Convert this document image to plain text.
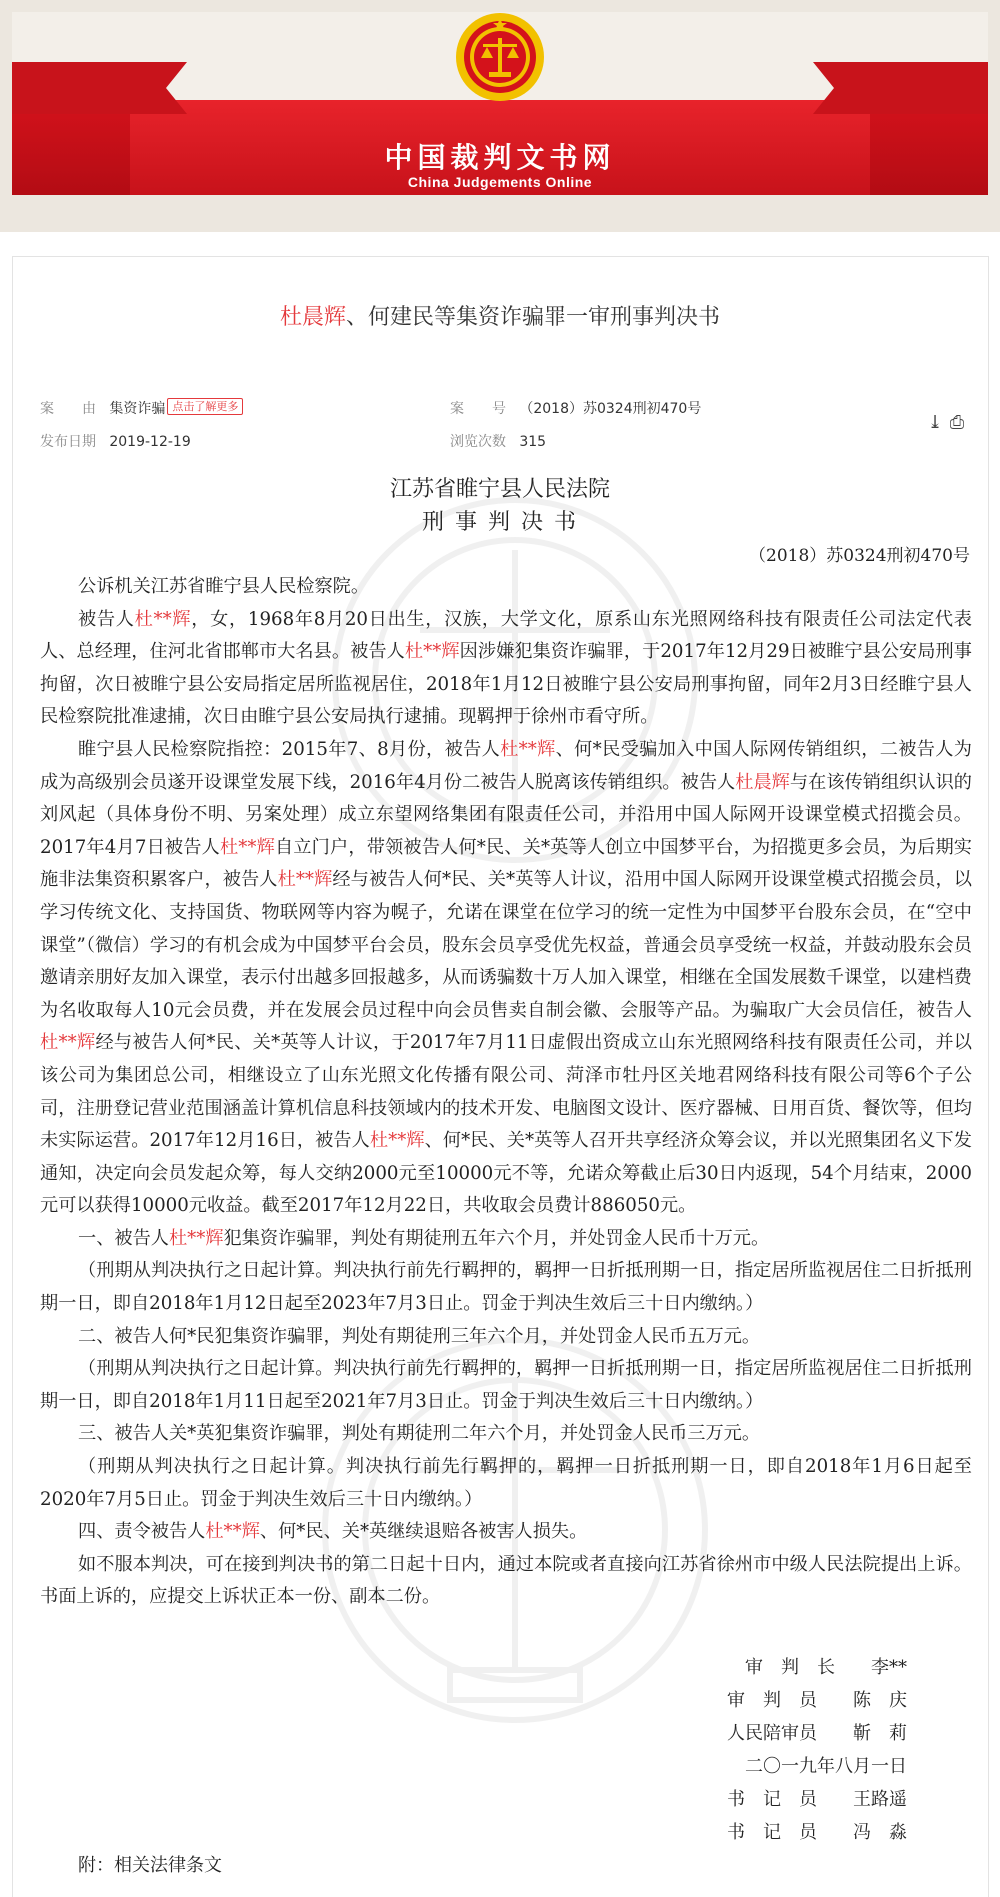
中国裁判文书网
China Judgements Online
杜晨辉、何建民等集资诈骗罪一审刑事判决书
案　　由 集资诈骗 点击了解更多	案　　号 （2018）苏0324刑初470号
发布日期 2019-12-19	浏览次数 315
⤓ ⎙
江苏省睢宁县人民法院
刑 事 判 决 书
（2018）苏0324刑初470号

公诉机关江苏省睢宁县人民检察院。

被告人杜**辉，女，1968年8月20日出生，汉族，大学文化，原系山东光照网络科技有限责任公司法定代表人、总经理，住河北省邯郸市大名县。被告人杜**辉因涉嫌犯集资诈骗罪，于2017年12月29日被睢宁县公安局刑事拘留，次日被睢宁县公安局指定居所监视居住，2018年1月12日被睢宁县公安局刑事拘留，同年2月3日经睢宁县人民检察院批准逮捕，次日由睢宁县公安局执行逮捕。现羁押于徐州市看守所。

睢宁县人民检察院指控：2015年7、8月份，被告人杜**辉、何*民受骗加入中国人际网传销组织，二被告人为成为高级别会员遂开设课堂发展下线，2016年4月份二被告人脱离该传销组织。被告人杜晨辉与在该传销组织认识的刘风起（具体身份不明、另案处理）成立东望网络集团有限责任公司，并沿用中国人际网开设课堂模式招揽会员。2017年4月7日被告人杜**辉自立门户，带领被告人何*民、关*英等人创立中国梦平台，为招揽更多会员，为后期实施非法集资积累客户，被告人杜**辉经与被告人何*民、关*英等人计议，沿用中国人际网开设课堂模式招揽会员，以学习传统文化、支持国货、物联网等内容为幌子，允诺在课堂在位学习的统一定性为中国梦平台股东会员，在“空中课堂”（微信）学习的有机会成为中国梦平台会员，股东会员享受优先权益，普通会员享受统一权益，并鼓动股东会员邀请亲朋好友加入课堂，表示付出越多回报越多，从而诱骗数十万人加入课堂，相继在全国发展数千课堂，以建档费为名收取每人10元会员费，并在发展会员过程中向会员售卖自制会徽、会服等产品。为骗取广大会员信任，被告人杜**辉经与被告人何*民、关*英等人计议，于2017年7月11日虚假出资成立山东光照网络科技有限责任公司，并以该公司为集团总公司，相继设立了山东光照文化传播有限公司、菏泽市牡丹区关地君网络科技有限公司等6个子公司，注册登记营业范围涵盖计算机信息科技领域内的技术开发、电脑图文设计、医疗器械、日用百货、餐饮等，但均未实际运营。2017年12月16日，被告人杜**辉、何*民、关*英等人召开共享经济众筹会议，并以光照集团名义下发通知，决定向会员发起众筹，每人交纳2000元至10000元不等，允诺众筹截止后30日内返现，54个月结束，2000元可以获得10000元收益。截至2017年12月22日，共收取会员费计886050元。

一、被告人杜**辉犯集资诈骗罪，判处有期徒刑五年六个月，并处罚金人民币十万元。

（刑期从判决执行之日起计算。判决执行前先行羁押的，羁押一日折抵刑期一日，指定居所监视居住二日折抵刑期一日，即自2018年1月12日起至2023年7月3日止。罚金于判决生效后三十日内缴纳。）

二、被告人何*民犯集资诈骗罪，判处有期徒刑三年六个月，并处罚金人民币五万元。

（刑期从判决执行之日起计算。判决执行前先行羁押的，羁押一日折抵刑期一日，指定居所监视居住二日折抵刑期一日，即自2018年1月11日起至2021年7月3日止。罚金于判决生效后三十日内缴纳。）

三、被告人关*英犯集资诈骗罪，判处有期徒刑二年六个月，并处罚金人民币三万元。

（刑期从判决执行之日起计算。判决执行前先行羁押的，羁押一日折抵刑期一日，即自2018年1月6日起至2020年7月5日止。罚金于判决生效后三十日内缴纳。）

四、责令被告人杜**辉、何*民、关*英继续退赔各被害人损失。

如不服本判决，可在接到判决书的第二日起十日内，通过本院或者直接向江苏省徐州市中级人民法院提出上诉。书面上诉的，应提交上诉状正本一份、副本二份。

审　判　长　　李**
审　判　员　　陈　庆
人民陪审员　　靳　莉
二〇一九年八月一日
书　记　员　　王路遥
书　记　员　　冯　淼
附：相关法律条文
